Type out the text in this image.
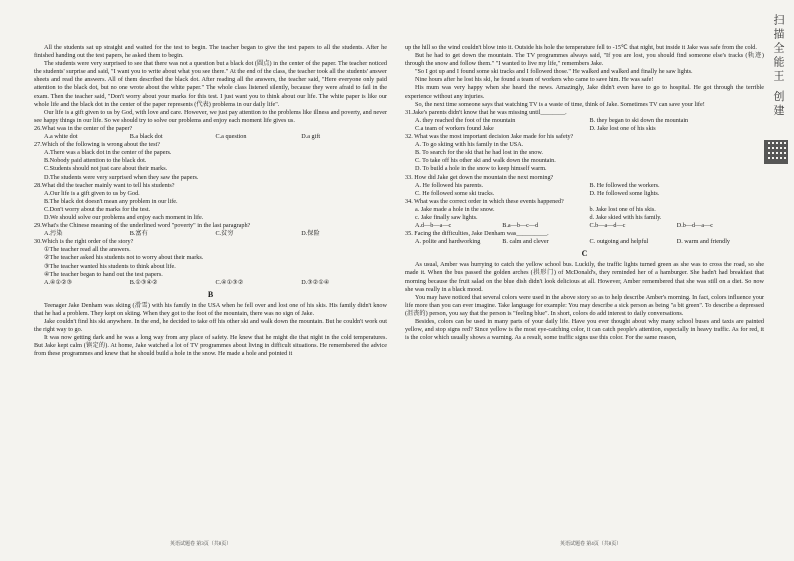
All the students sat up straight and waited for the test to begin. The teacher began to give the test papers to all the students. After he finished handing out the test papers, he asked them to begin.

The students were very surprised to see that there was not a question but a black dot (圆点) in the center of the paper. The teacher noticed the students' surprise and said, "I want you to write about what you see there." At the end of the class, the teacher took all the students' answer sheets and read the answers. All of them described the black dot. After reading all the answers, the teacher said, "Here everyone only paid attention to the black dot, but no one wrote about the white paper." The whole class listened silently, because they were afraid to fail in the exam. Then the teacher said, "Don't worry about your marks for this test. I just want you to think about our life. The white paper is like our whole life and the black dot in the center of the paper represents (代表) problems in our daily life".

Our life is a gift given to us by God, with love and care. However, we just pay attention to the problems like illness and poverty, and never see happy things in our life. So we should try to solve our problems and enjoy each moment life gives us.

26.What was in the center of the paper?

A.a white dot	B.a black dot	C.a question	D.a gift

27.Which of the following is wrong about the test?

A.There was a black dot in the center of the papers.

B.Nobody paid attention to the black dot.

C.Students should not just care about their marks.

D.The students were very surprised when they saw the papers.

28.What did the teacher mainly want to tell his students?

A.Our life is a gift given to us by God.

B.The black dot doesn't mean any problem in our life.

C.Don't worry about the marks for the test.

D.We should solve our problems and enjoy each moment in life.

29.What's the Chinese meaning of the underlined word "poverty" in the last paragraph?

A.污染	B.富有	C.贫穷	D.保险

30.Which is the right order of the story?

①The teacher read all the answers.

②The teacher asked his students not to worry about their marks.

③The teacher wanted his students to think about life.

④The teacher began to hand out the test papers.

A.④①②③	B.①③④②	C.④①③②	D.③②①④
B

Teenager Jake Denham was skiing (滑雪) with his family in the USA when he fell over and lost one of his skis. His family didn't know that he had a problem. They kept on skiing. When they got to the foot of the mountain, there was no sign of Jake.

Jake couldn't find his ski anywhere. In the end, he decided to take off his other ski and walk down the mountain. But he couldn't work out the right way to go.

It was now getting dark and he was a long way from any place of safety. He knew that he might die that night in the cold temperatures. But Jake kept calm (镇定的). At home, Jake watched a lot of TV programmes about living in difficult situations. He remembered the advice from these programmes and knew that he should build a hole in the snow. He made a hole and pointed it

up the hill so the wind couldn't blow into it. Outside his hole the temperature fell to -15℃ that night, but inside it Jake was safe from the cold.

But he had to get down the mountain. The TV programmes always said, "If you are lost, you should find someone else's tracks (轨迹) through the snow and follow them." "I wanted to live my life," remembers Jake.

"So I got up and I found some ski tracks and I followed those." He walked and walked and finally he saw lights.

Nine hours after he lost his ski, he found a team of workers who came to save him. He was safe!

His mum was very happy when she heard the news. Amazingly, Jake didn't even have to go to hospital. He got through the terrible experience without any injuries.

So, the next time someone says that watching TV is a waste of time, think of Jake. Sometimes TV can save your life!

31.Jake's parents didn't know that he was missing until________.

A. they reached the foot of the mountain	B. they began to ski down the mountain
C.a team of workers found Jake	D. Jake lost one of his skis

32. What was the most important decision Jake made for his safety?

A. To go skiing with his family in the USA.

B. To search for the ski that he had lost in the snow.

C. To take off his other ski and walk down the mountain.

D. To build a hole in the snow to keep himself warm.

33. How did Jake get down the mountain the next morning?

A. He followed his parents.	B. He followed the workers.
C. He followed some ski tracks.	D. He followed some lights.

34. What was the correct order in which these events happened?

a. Jake made a hole in the snow.	b. Jake lost one of his skis.
c. Jake finally saw lights.	d. Jake skied with his family.
A.d—b—a—c	B.a—b—c—d	C.b—a—d—c	D.b—d—a—c

35. Facing the difficulties, Jake Denham was__________.

A. polite and hardworking	B. calm and clever	C. outgoing and helpful	D. warm and friendly
C

As usual, Amber was hurrying to catch the yellow school bus. Luckily, the traffic lights turned green as she was to cross the road, so she made it. When the bus passed the golden arches (拱形门) of McDonald's, they reminded her of a hamburger. She hadn't had breakfast that morning because the fruit salad on the blue dish didn't look delicious at all. However, Amber remembered that she was still on a diet. So now she was really in a black mood.

You may have noticed that several colors were used in the above story so as to help describe Amber's morning. In fact, colors influence your life more than you can ever imagine. Take language for example: You may describe a sick person as being "a bit green". To describe a depressed (沮丧的) person, you say that the person is "feeling blue". In short, colors do add interest to daily conversations.

Besides, colors can be used in many parts of your daily life. Have you ever thought about why many school buses and taxis are painted yellow, and stop signs red? Since yellow is the most eye-catching color, it can catch people's attention, especially in heavy traffic. As for red, it is the color which usually shows a warning. As a result, some traffic signs use this color. For the same reason,

英语试题卷 第3页（共8页）	英语试题卷 第4页（共8页）
扫描全能王 创建
